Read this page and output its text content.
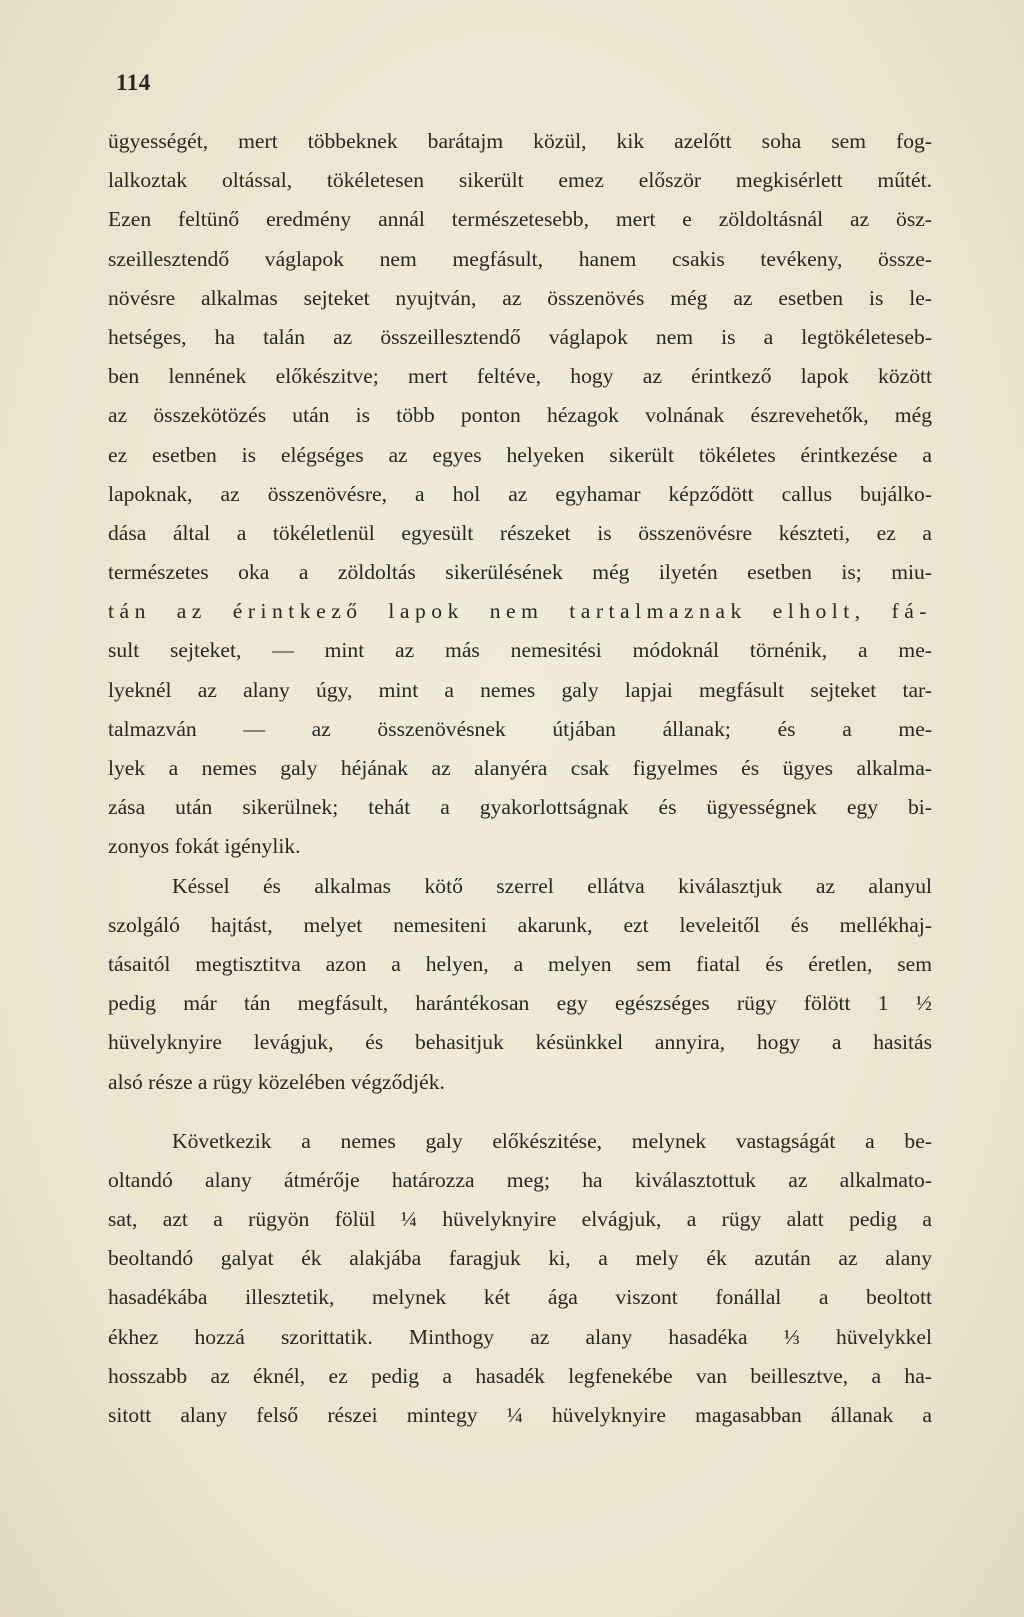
114
ügyességét, mert többeknek barátajm közül, kik azelőtt soha sem fog-
lalkoztak oltással, tökéletesen sikerült emez először megkisérlett műtét.
Ezen feltünő eredmény annál természetesebb, mert e zöldoltásnál az ösz-
szeillesztendő váglapok nem megfásult, hanem csakis tevékeny, össze-
növésre alkalmas sejteket nyujtván, az összenövés még az esetben is le-
hetséges, ha talán az összeillesztendő váglapok nem is a legtökéleteseb-
ben lennének előkészitve; mert feltéve, hogy az érintkező lapok között
az összekötözés után is több ponton hézagok volnának észrevehetők, még
ez esetben is elégséges az egyes helyeken sikerült tökéletes érintkezése a
lapoknak, az összenövésre, a hol az egyhamar képződött callus bujálko-
dása által a tökéletlenül egyesült részeket is összenövésre készteti, ez a
természetes oka a zöldoltás sikerülésének még ilyetén esetben is; miu-
tán az érintkező lapok nem tartalmaznak elholt, fá-
sult sejteket, — mint az más nemesitési módoknál törnénik, a me-
lyeknél az alany úgy, mint a nemes galy lapjai megfásult sejteket tar-
talmazván — az összenövésnek útjában állanak; és a me-
lyek a nemes galy héjának az alanyéra csak figyelmes és ügyes alkalma-
zása után sikerülnek; tehát a gyakorlottságnak és ügyességnek egy bi-
zonyos fokát igénylik.
Késsel és alkalmas kötő szerrel ellátva kiválasztjuk az alanyul
szolgáló hajtást, melyet nemesiteni akarunk, ezt leveleitől és mellékhaj-
tásaitól megtisztitva azon a helyen, a melyen sem fiatal és éretlen, sem
pedig már tán megfásult, harántékosan egy egészséges rügy fölött 1 ½
hüvelyknyire levágjuk, és behasitjuk késünkkel annyira, hogy a hasitás
alsó része a rügy közelében végződjék.
Következik a nemes galy előkészitése, melynek vastagságát a be-
oltandó alany átmérője határozza meg; ha kiválasztottuk az alkalmato-
sat, azt a rügyön fölül ¼ hüvelyknyire elvágjuk, a rügy alatt pedig a
beoltandó galyat ék alakjába faragjuk ki, a mely ék azután az alany
hasadékába illesztetik, melynek két ága viszont fonállal a beoltott
ékhez hozzá szorittatik. Minthogy az alany hasadéka ⅓ hüvelykkel
hosszabb az éknél, ez pedig a hasadék legfenekébe van beillesztve, a ha-
sitott alany felső részei mintegy ¼ hüvelyknyire magasabban állanak a
